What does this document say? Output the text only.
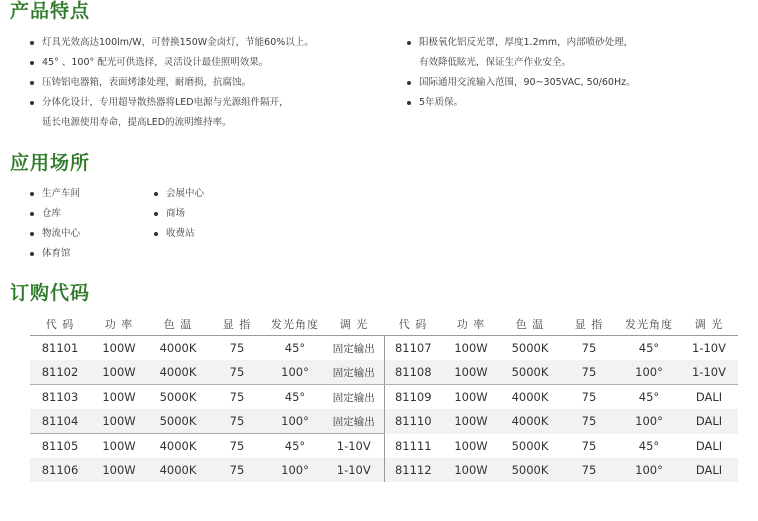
产品特点
灯具光效高达100lm/W，可替换150W金卤灯，节能60%以上。
45° 、100° 配光可供选择，灵活设计最佳照明效果。
压铸铝电器箱，表面烤漆处理，耐磨损，抗腐蚀。
分体化设计，专用超导散热器将LED电源与光源组件隔开，
延长电源使用寿命，提高LED的流明维持率。
阳极氧化铝反光罩，厚度1.2mm，内部喷砂处理，
有效降低眩光，保证生产作业安全。
国际通用交流输入范围，90~305VAC, 50/60Hz。
5年质保。
应用场所
生产车间
仓库
物流中心
体育馆
会展中心
商场
收费站
订购代码
代 码	功 率	色 温	显 指	发光角度	调 光	代 码	功 率	色 温	显 指	发光角度	调 光
81101	100W	4000K	75	45°	固定输出	81107	100W	5000K	75	45°	1-10V
81102	100W	4000K	75	100°	固定输出	81108	100W	5000K	75	100°	1-10V
81103	100W	5000K	75	45°	固定输出	81109	100W	4000K	75	45°	DALI
81104	100W	5000K	75	100°	固定输出	81110	100W	4000K	75	100°	DALI
81105	100W	4000K	75	45°	1-10V	81111	100W	5000K	75	45°	DALI
81106	100W	4000K	75	100°	1-10V	81112	100W	5000K	75	100°	DALI
